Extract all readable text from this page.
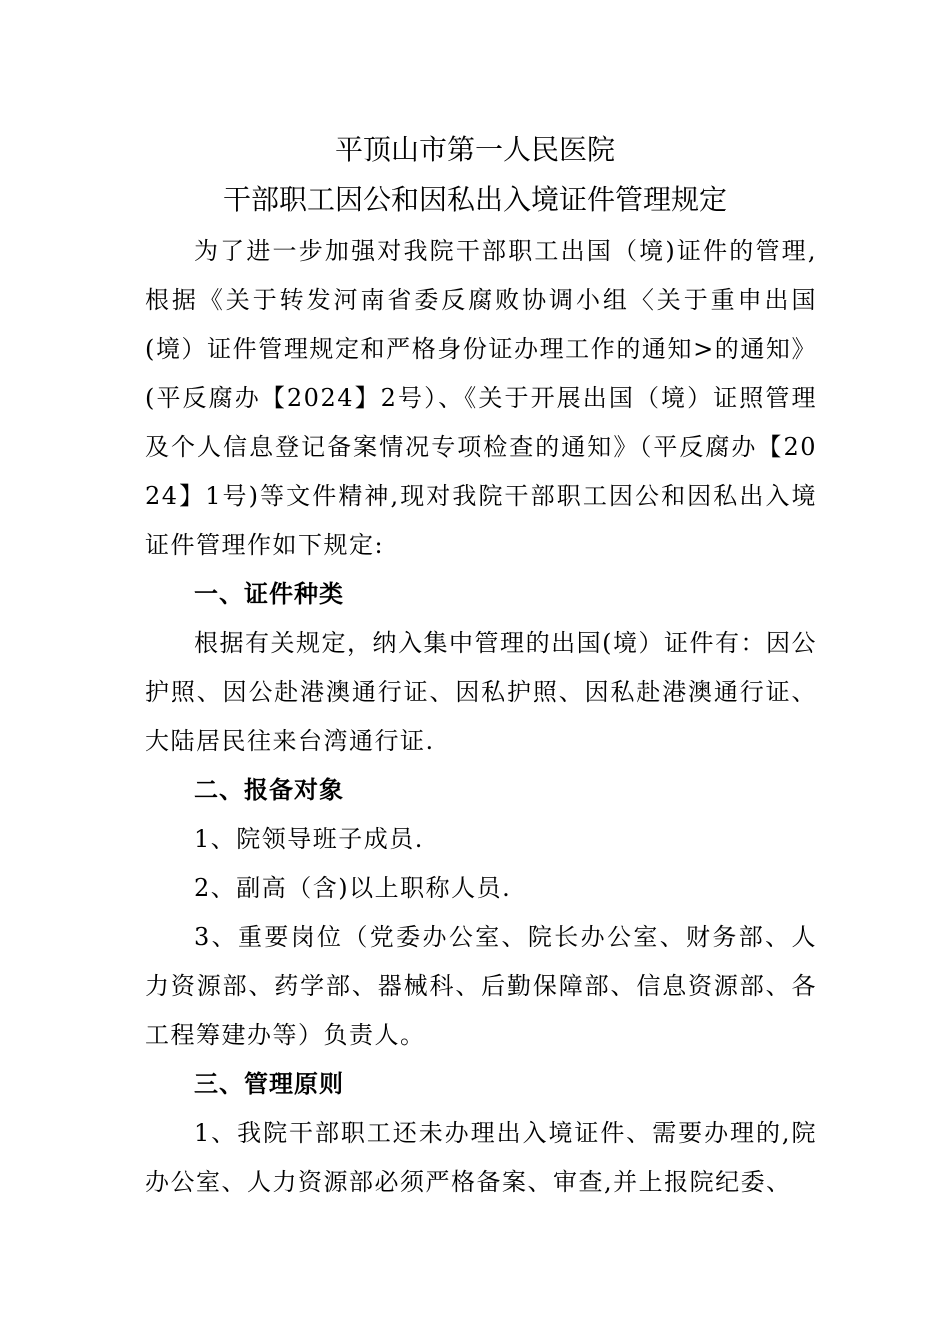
平顶山市第一人民医院
干部职工因公和因私出入境证件管理规定

为了进一步加强对我院干部职工出国（境)证件的管理,根据《关于转发河南省委反腐败协调小组〈关于重申出国(境）证件管理规定和严格身份证办理工作的通知>的通知》(平反腐办【2024】2号）、《关于开展出国（境）证照管理及个人信息登记备案情况专项检查的通知》（平反腐办【2024】1号)等文件精神,现对我院干部职工因公和因私出入境证件管理作如下规定:

一、证件种类

根据有关规定，纳入集中管理的出国(境）证件有：因公护照、因公赴港澳通行证、因私护照、因私赴港澳通行证、大陆居民往来台湾通行证.

二、报备对象

1、院领导班子成员.

2、副高（含)以上职称人员.

3、重要岗位（党委办公室、院长办公室、财务部、人力资源部、药学部、器械科、后勤保障部、信息资源部、各工程筹建办等）负责人。

三、管理原则

1、我院干部职工还未办理出入境证件、需要办理的,院办公室、人力资源部必须严格备案、审查,并上报院纪委、
